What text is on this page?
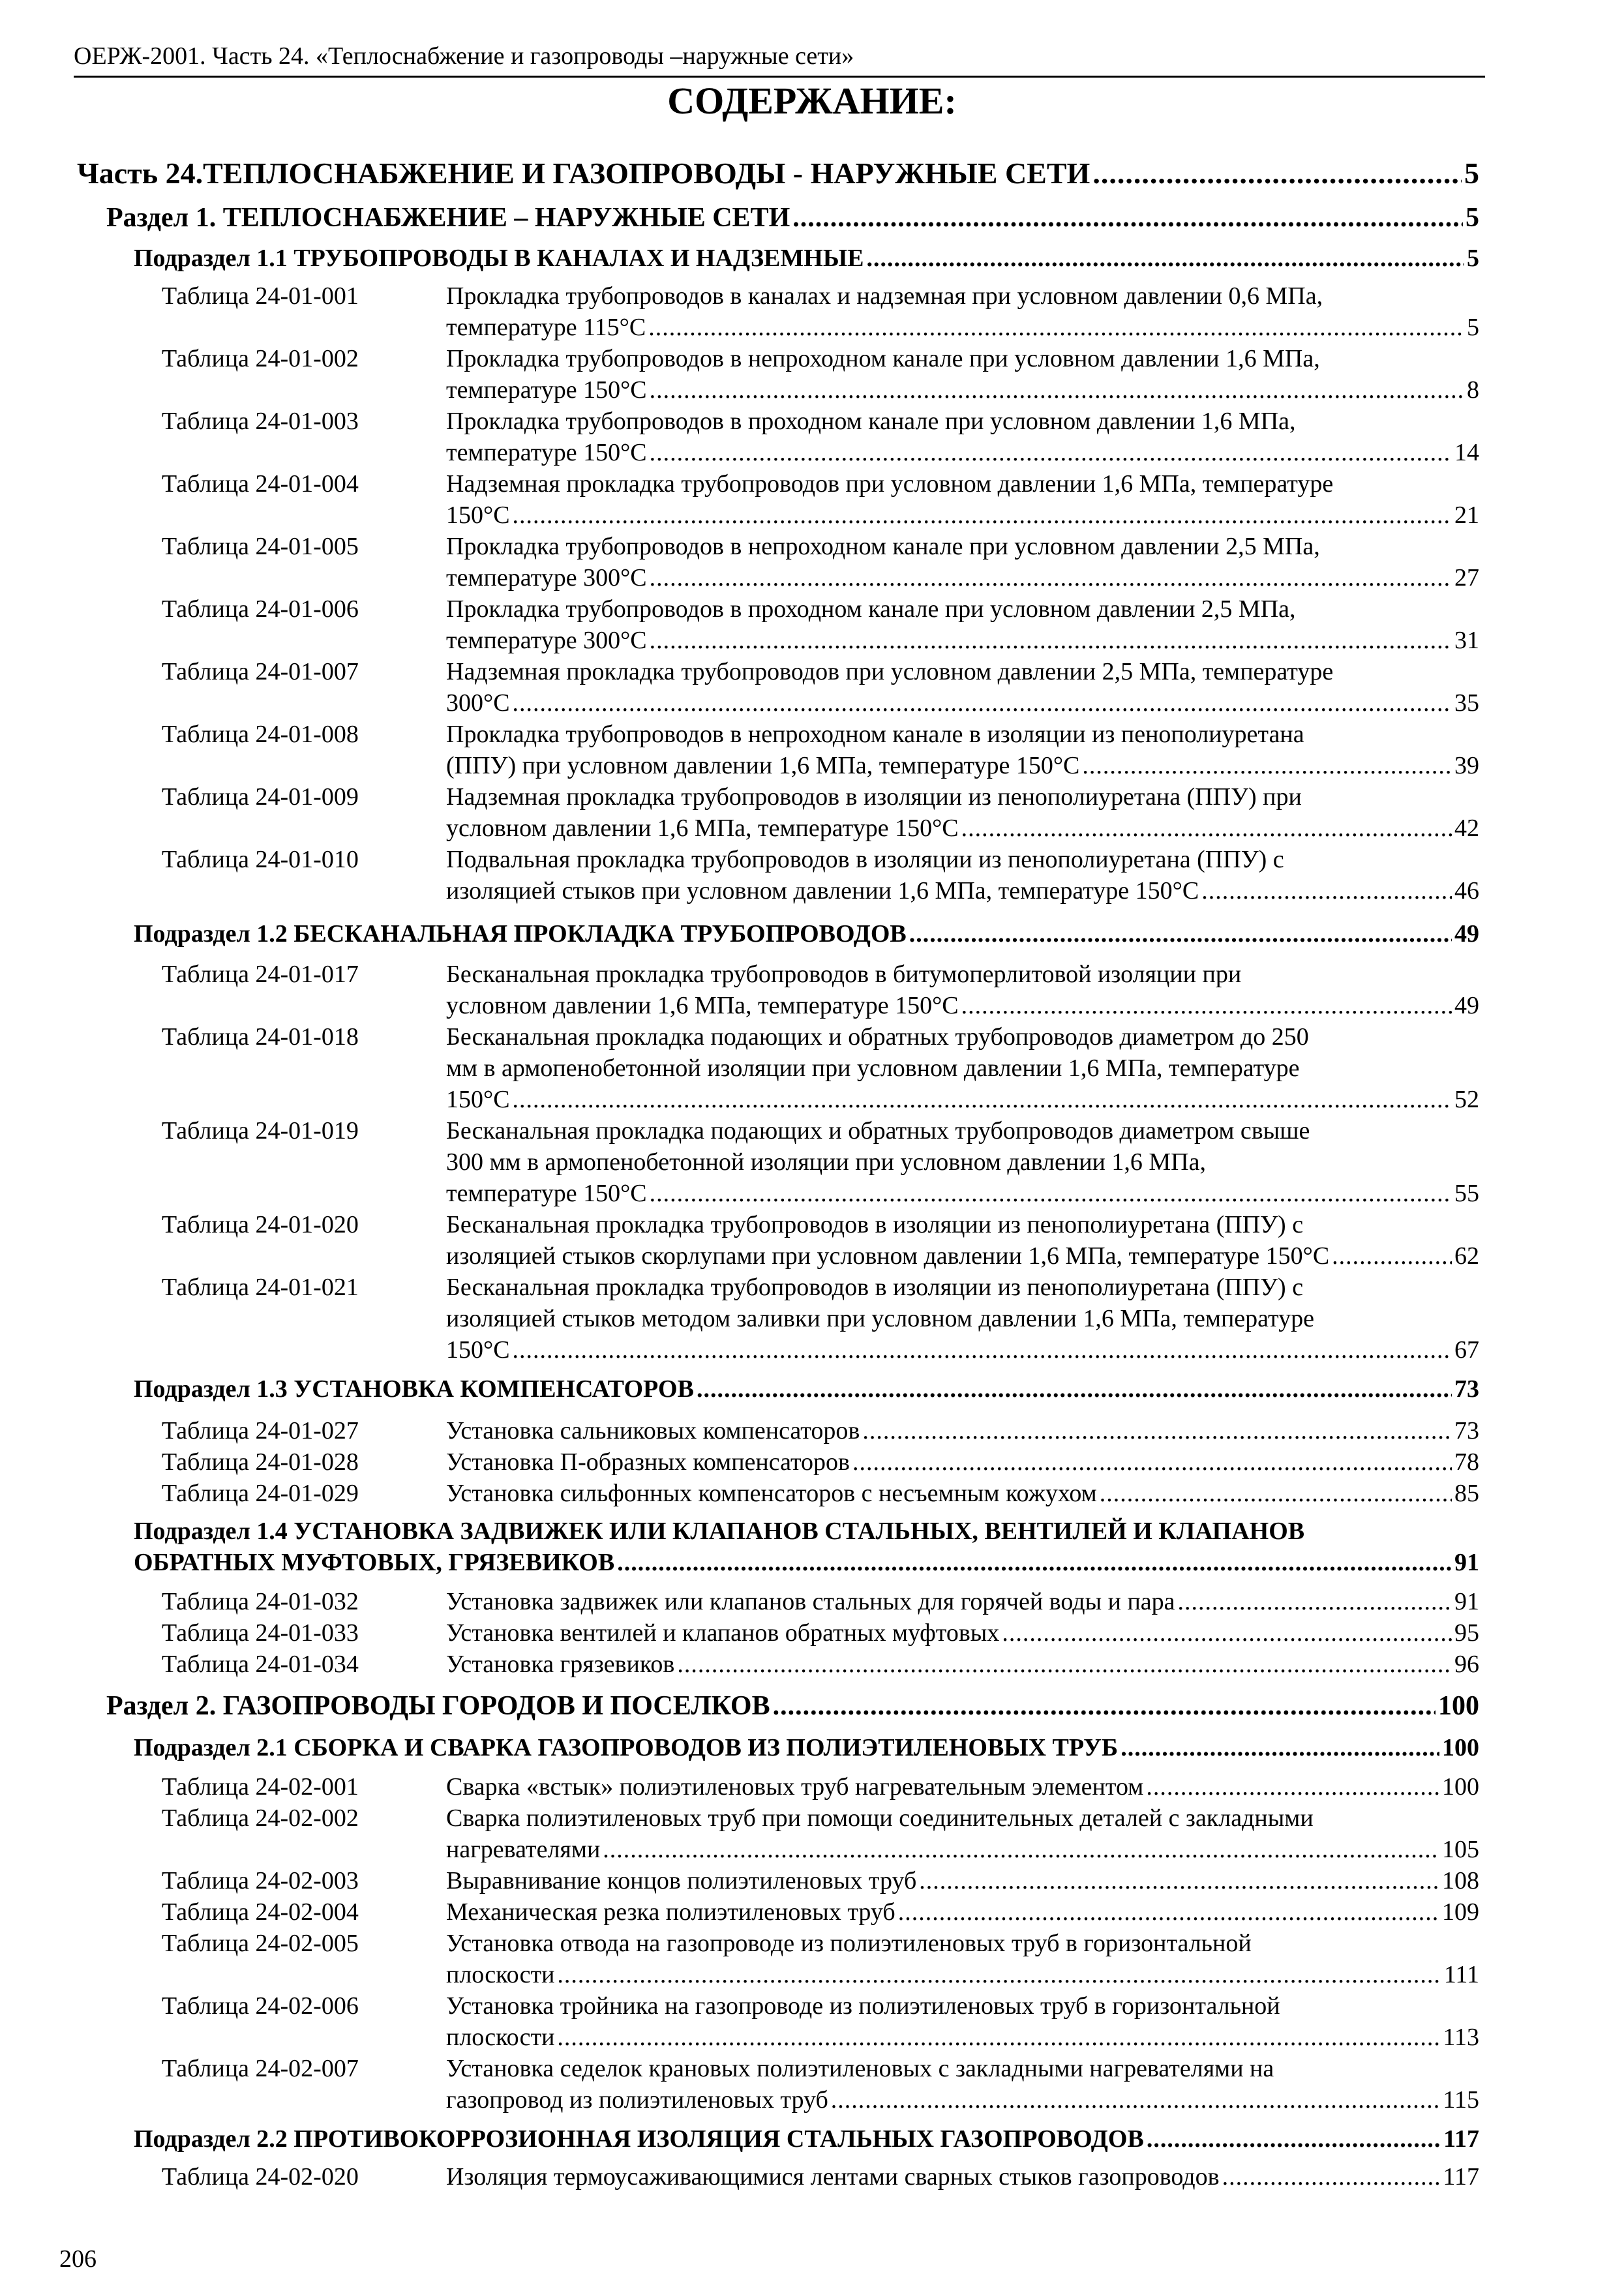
ОЕРЖ-2001. Часть 24. «Теплоснабжение и газопроводы –наружные сети»
СОДЕРЖАНИЕ:
Часть 24.ТЕПЛОСНАБЖЕНИЕ И ГАЗОПРОВОДЫ - НАРУЖНЫЕ СЕТИ .....	5
Раздел 1. ТЕПЛОСНАБЖЕНИЕ – НАРУЖНЫЕ СЕТИ .....	5
Подраздел 1.1 ТРУБОПРОВОДЫ В КАНАЛАХ И НАДЗЕМНЫЕ .....	5
Таблица 24-01-001	Прокладка трубопроводов в каналах и надземная при условном давлении 0,6 МПа,
температуре 115°С .....	5
Таблица 24-01-002	Прокладка трубопроводов в непроходном канале при условном давлении 1,6 МПа,
температуре 150°С .....	8
Таблица 24-01-003	Прокладка трубопроводов в проходном канале при условном давлении 1,6 МПа,
температуре 150°С .....	14
Таблица 24-01-004	Надземная прокладка трубопроводов при условном давлении 1,6 МПа, температуре
150°С .....	21
Таблица 24-01-005	Прокладка трубопроводов в непроходном канале при условном давлении 2,5 МПа,
температуре 300°С .....	27
Таблица 24-01-006	Прокладка трубопроводов в проходном канале при условном давлении 2,5 МПа,
температуре 300°С .....	31
Таблица 24-01-007	Надземная прокладка трубопроводов при условном давлении 2,5 МПа, температуре
300°С .....	35
Таблица 24-01-008	Прокладка трубопроводов в непроходном канале в изоляции из пенополиуретана
(ППУ) при условном давлении 1,6 МПа, температуре 150°С .....	39
Таблица 24-01-009	Надземная прокладка трубопроводов в изоляции из пенополиуретана (ППУ) при
условном давлении 1,6 МПа, температуре 150°С .....	42
Таблица 24-01-010	Подвальная прокладка трубопроводов в изоляции из пенополиуретана (ППУ) с
изоляцией стыков при условном давлении 1,6 МПа, температуре 150°С .....	46
Подраздел 1.2 БЕСКАНАЛЬНАЯ ПРОКЛАДКА ТРУБОПРОВОДОВ .....	49
Таблица 24-01-017	Бесканальная прокладка трубопроводов в битумоперлитовой изоляции при
условном давлении 1,6 МПа, температуре 150°С .....	49
Таблица 24-01-018	Бесканальная прокладка подающих и обратных трубопроводов диаметром до 250
мм в армопенобетонной изоляции при условном давлении 1,6 МПа, температуре
150°С .....	52
Таблица 24-01-019	Бесканальная прокладка подающих и обратных трубопроводов диаметром свыше
300 мм в армопенобетонной изоляции при условном давлении 1,6 МПа,
температуре 150°С .....	55
Таблица 24-01-020	Бесканальная прокладка трубопроводов в изоляции из пенополиуретана (ППУ) с
изоляцией стыков скорлупами при условном давлении 1,6 МПа, температуре 150°С .....	62
Таблица 24-01-021	Бесканальная прокладка трубопроводов в изоляции из пенополиуретана (ППУ) с
изоляцией стыков методом заливки при условном давлении 1,6 МПа, температуре
150°С .....	67
Подраздел 1.3 УСТАНОВКА КОМПЕНСАТОРОВ .....	73
Таблица 24-01-027	Установка сальниковых компенсаторов .....	73
Таблица 24-01-028	Установка П-образных компенсаторов .....	78
Таблица 24-01-029	Установка сильфонных компенсаторов с несъемным кожухом .....	85
Подраздел 1.4 УСТАНОВКА ЗАДВИЖЕК ИЛИ КЛАПАНОВ СТАЛЬНЫХ, ВЕНТИЛЕЙ И КЛАПАНОВ
ОБРАТНЫХ МУФТОВЫХ, ГРЯЗЕВИКОВ .....	91
Таблица 24-01-032	Установка задвижек или клапанов стальных для горячей воды и пара .....	91
Таблица 24-01-033	Установка вентилей и клапанов обратных муфтовых .....	95
Таблица 24-01-034	Установка грязевиков .....	96
Раздел 2. ГАЗОПРОВОДЫ ГОРОДОВ И ПОСЕЛКОВ .....	100
Подраздел 2.1 СБОРКА И СВАРКА ГАЗОПРОВОДОВ ИЗ ПОЛИЭТИЛЕНОВЫХ ТРУБ .....	100
Таблица 24-02-001	Сварка «встык» полиэтиленовых труб нагревательным элементом .....	100
Таблица 24-02-002	Сварка полиэтиленовых труб при помощи соединительных деталей с закладными
нагревателями .....	105
Таблица 24-02-003	Выравнивание концов полиэтиленовых труб .....	108
Таблица 24-02-004	Механическая резка полиэтиленовых труб .....	109
Таблица 24-02-005	Установка отвода на газопроводе из полиэтиленовых труб в горизонтальной
плоскости .....	111
Таблица 24-02-006	Установка тройника на газопроводе из полиэтиленовых труб в горизонтальной
плоскости .....	113
Таблица 24-02-007	Установка седелок крановых полиэтиленовых с закладными нагревателями на
газопровод из полиэтиленовых труб .....	115
Подраздел 2.2 ПРОТИВОКОРРОЗИОННАЯ ИЗОЛЯЦИЯ СТАЛЬНЫХ ГАЗОПРОВОДОВ .....	117
Таблица 24-02-020	Изоляция термоусаживающимися лентами сварных стыков газопроводов .....	117
206
